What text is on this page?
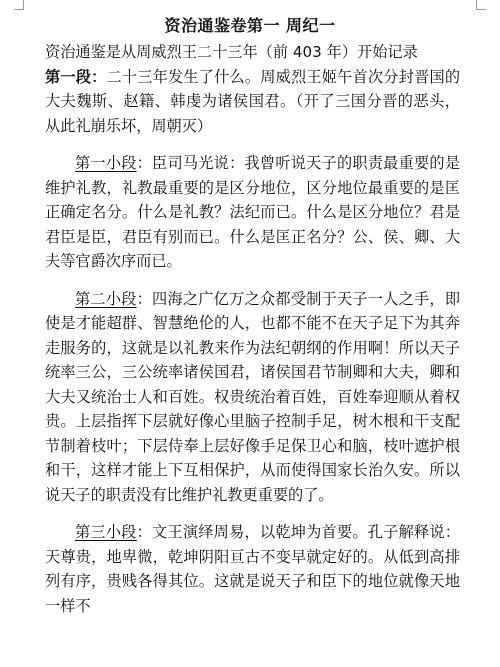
资治通鉴卷第一 周纪一

资治通鉴是从周威烈王二十三年（前 403 年）开始记录

第一段：二十三年发生了什么。周威烈王姬午首次分封晋国的大夫魏斯、赵籍、韩虔为诸侯国君。（开了三国分晋的恶头，从此礼崩乐坏，周朝灭）

第一小段：臣司马光说：我曾听说天子的职责最重要的是维护礼教，礼教最重要的是区分地位，区分地位最重要的是匡正确定名分。什么是礼教？法纪而已。什么是区分地位？君是君臣是臣，君臣有别而已。什么是匡正名分？公、侯、卿、大夫等官爵次序而已。

第二小段：四海之广亿万之众都受制于天子一人之手，即使是才能超群、智慧绝伦的人，也都不能不在天子足下为其奔走服务的，这就是以礼教来作为法纪朝纲的作用啊！所以天子统率三公，三公统率诸侯国君，诸侯国君节制卿和大夫，卿和大夫又统治士人和百姓。权贵统治着百姓，百姓奉迎顺从着权贵。上层指挥下层就好像心里脑子控制手足，树木根和干支配节制着枝叶；下层侍奉上层好像手足保卫心和脑，枝叶遮护根和干，这样才能上下互相保护，从而使得国家长治久安。所以说天子的职责没有比维护礼教更重要的了。

第三小段：文王演绎周易，以乾坤为首要。孔子解释说：天尊贵，地卑微，乾坤阴阳亘古不变早就定好的。从低到高排列有序，贵贱各得其位。这就是说天子和臣下的地位就像天地一样不
